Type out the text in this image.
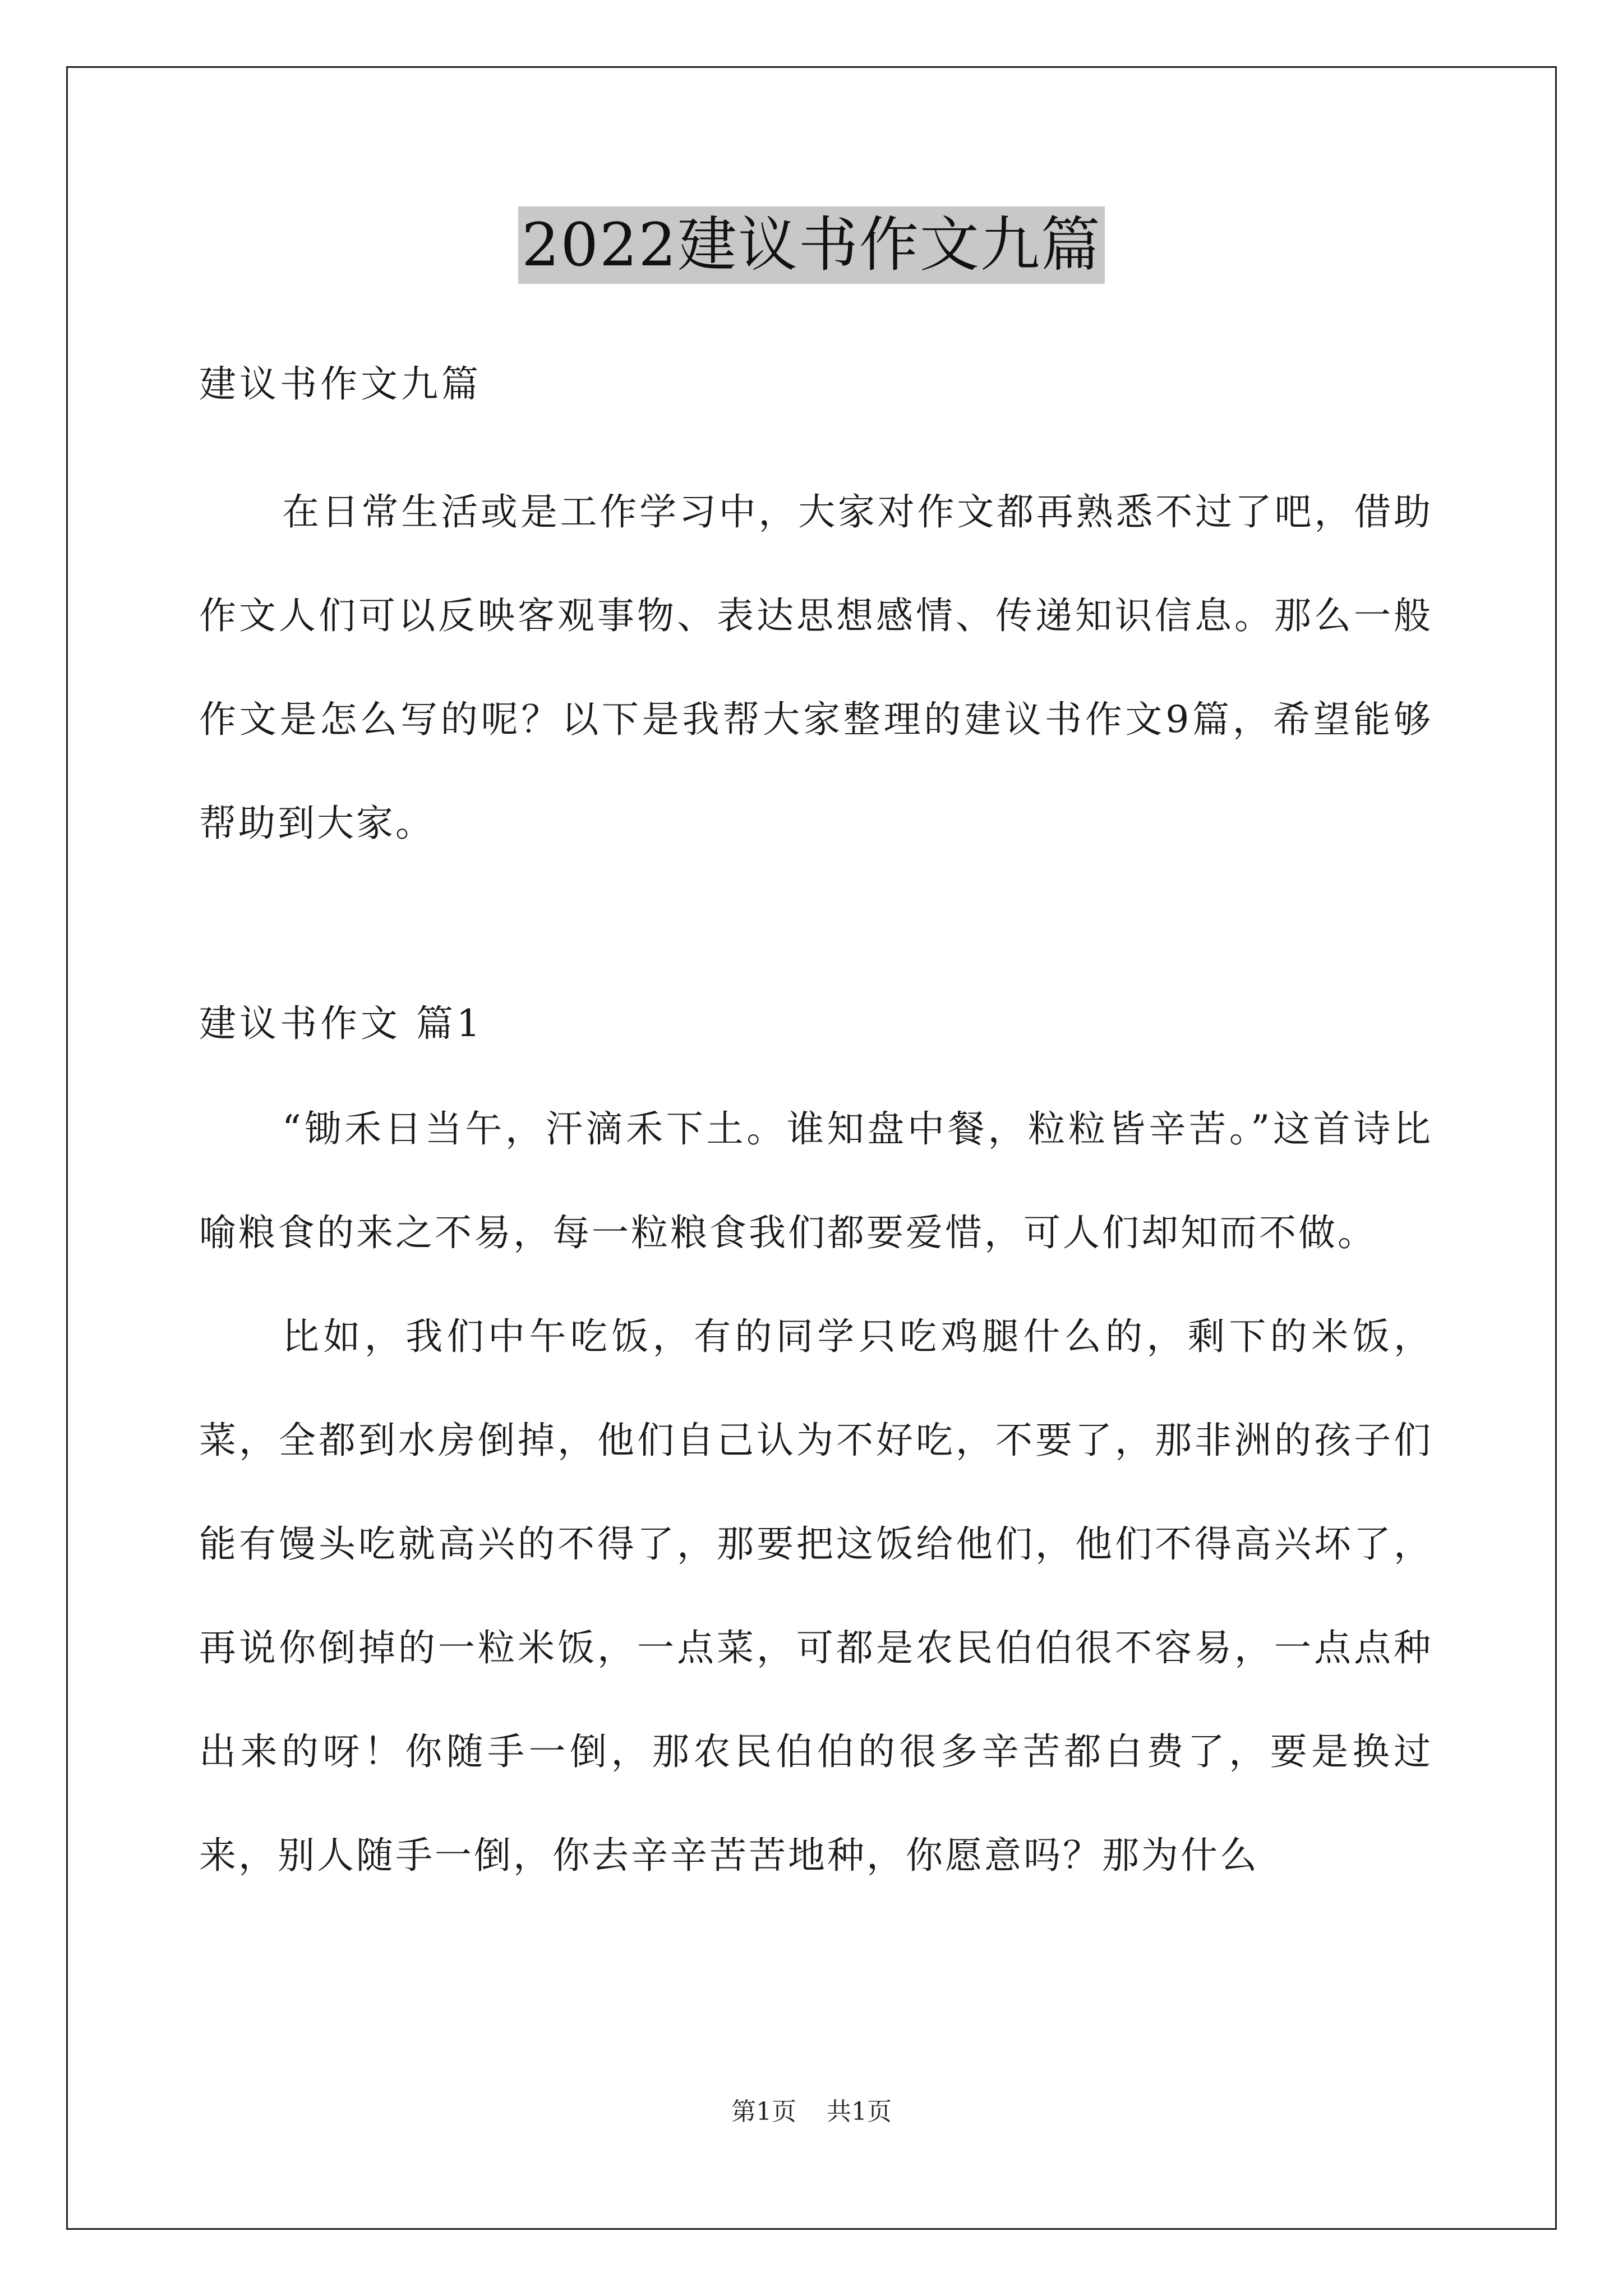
2022建议书作文九篇
建议书作文九篇

在日常生活或是工作学习中，大家对作文都再熟悉不过了吧，借助作文人们可以反映客观事物、表达思想感情、传递知识信息。那么一般作文是怎么写的呢？以下是我帮大家整理的建议书作文9篇，希望能够帮助到大家。

建议书作文 篇1

“锄禾日当午，汗滴禾下土。谁知盘中餐，粒粒皆辛苦。”这首诗比喻粮食的来之不易，每一粒粮食我们都要爱惜，可人们却知而不做。

比如，我们中午吃饭，有的同学只吃鸡腿什么的，剩下的米饭，菜，全都到水房倒掉，他们自己认为不好吃，不要了，那非洲的孩子们能有馒头吃就高兴的不得了，那要把这饭给他们，他们不得高兴坏了，再说你倒掉的一粒米饭，一点菜，可都是农民伯伯很不容易，一点点种出来的呀！你随手一倒，那农民伯伯的很多辛苦都白费了，要是换过来，别人随手一倒，你去辛辛苦苦地种，你愿意吗？那为什么

第1页 共1页
